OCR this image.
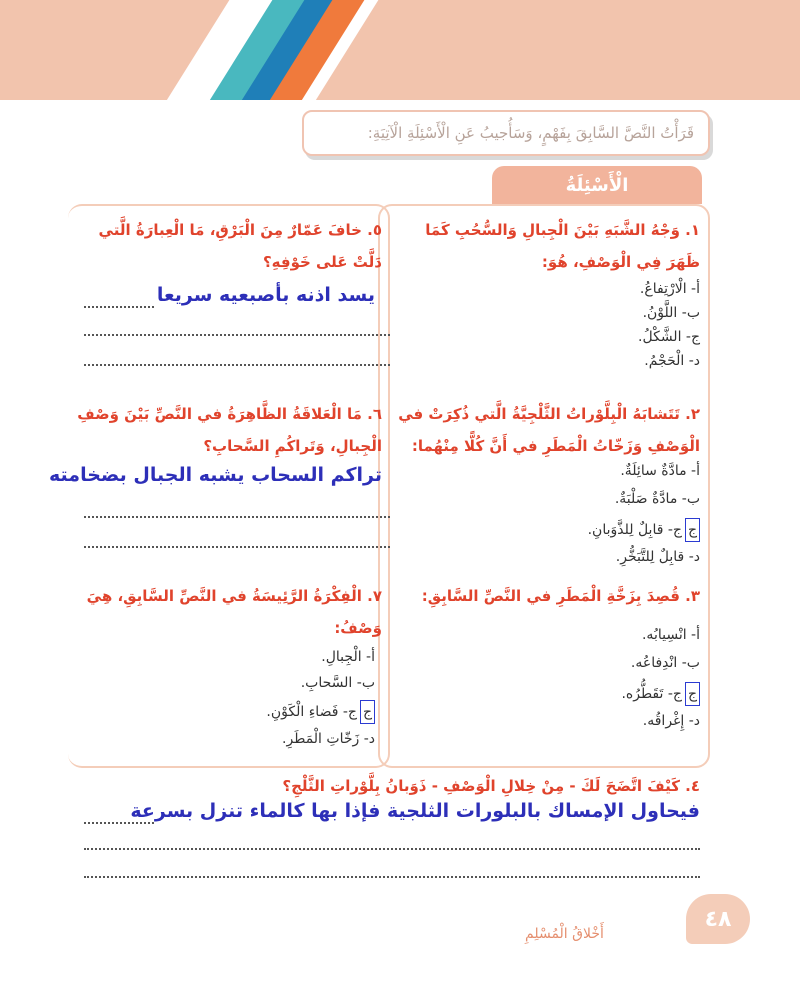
قَرَأْتُ النَّصَّ السَّابِقَ بِفَهْمٍ، وَسَأُجيبُ عَنِ الْأَسْئِلَةِ الْآتِيَةِ:
الْأَسْئِلَةُ
١. وَجْهُ الشَّبَهِ بَيْنَ الْجِبالِ وَالسُّحُبِ كَمَا ظَهَرَ فِي الْوَصْفِ، هُوَ:
أ- الْارْتِفاعُ.
ب- اللَّوْنُ.
ج- الشَّكْلُ.
د- الْحَجْمُ.
٢. تَتَشابَهُ الْبِلَّوْراتُ الثَّلْجِيَّةُ الَّتي ذُكِرَتْ في الْوَصْفِ وَزَخّاتُ الْمَطَرِ في أَنَّ كُلًّا مِنْهُما:
أ- مادَّةٌ سائِلَةٌ.
ب- مادَّةٌ صَلْبَةٌ.
جج- قابِلٌ لِلذَّوَبانِ.
د- قابِلٌ لِلتَّبَخُّرِ.
٣. قُصِدَ بِزَخَّةِ الْمَطَرِ في النَّصِّ السَّابِقِ:
أ- انْسِيابُه.
ب- انْدِفاعُه.
جج- تَقَطُّرُه.
د- إِغْراقُه.
٥. خافَ عَمّارٌ مِنَ الْبَرْقِ، مَا الْعِبارَةُ الَّتي دَلَّتْ عَلى خَوْفِهِ؟
يسد اذنه بأصبعيه سريعا
٦. مَا الْعَلاقَةُ الظَّاهِرَةُ في النَّصِّ بَيْنَ وَصْفِ الْجِبالِ، وَتَراكُمِ السَّحابِ؟
تراكم السحاب يشبه الجبال بضخامته
٧. الْفِكْرَةُ الرَّئِيسَةُ في النَّصِّ السَّابِقِ، هِيَ وَصْفُ:
أ- الْجِبالِ.
ب- السَّحابِ.
جج- فَضاءِ الْكَوْنِ.
د- زَخّاتِ الْمَطَرِ.
٤. كَيْفَ اتَّضَحَ لَكَ - مِنْ خِلالِ الْوَصْفِ - ذَوَبانُ بِلَّوْراتِ الثَّلْجِ؟
فيحاول الإمساك بالبلورات الثلجية فإذا بها كالماء تنزل بسرعة
أَخْلاقُ الْمُسْلِمِ
٤٨
